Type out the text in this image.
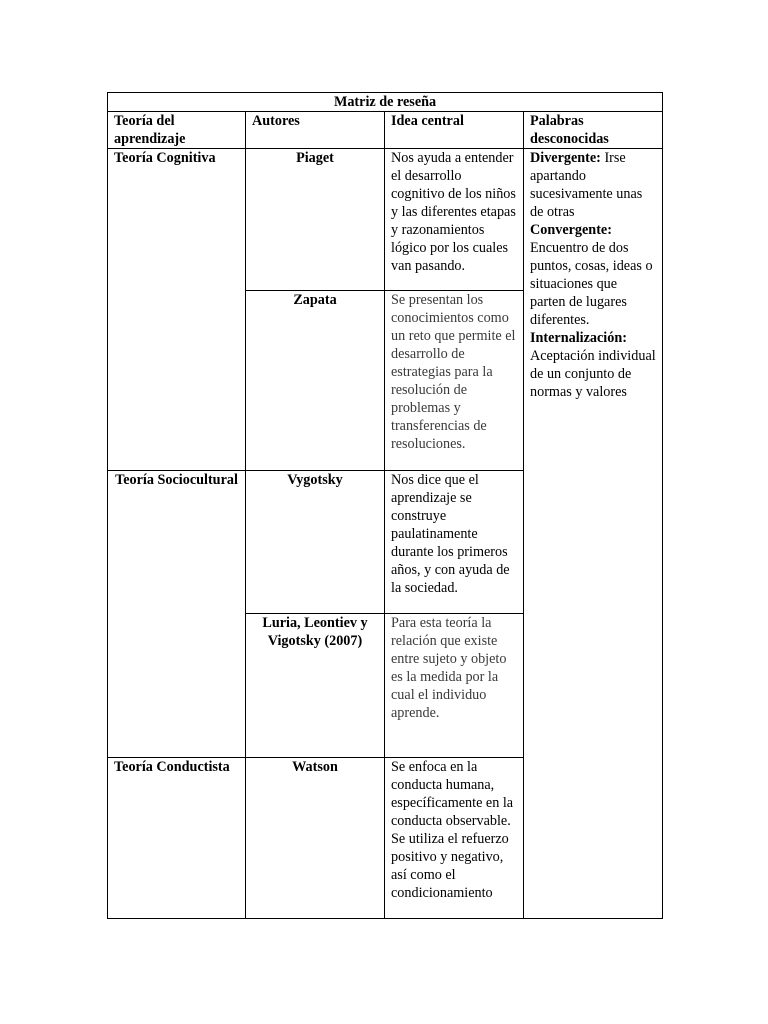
Matriz de reseña			
Teoría del aprendizaje	Autores	Idea central	Palabras desconocidas
Teoría Cognitiva	Piaget	Nos ayuda a entender el desarrollo cognitivo de los niños y las diferentes etapas y razonamientos lógico por los cuales van pasando.	Divergente: Irse apartando sucesivamente unas de otras
Convergente:
Encuentro de dos puntos, cosas, ideas o situaciones que parten de lugares diferentes.
Internalización:
Aceptación individual de un conjunto de normas y valores
	Zapata	Se presentan los conocimientos como un reto que permite el desarrollo de estrategias para la resolución de problemas y transferencias de resoluciones.	
Teoría Sociocultural	Vygotsky	Nos dice que el aprendizaje se construye paulatinamente durante los primeros años, y con ayuda de la sociedad.	
	Luria, Leontiev y Vigotsky (2007)	Para esta teoría la relación que existe entre sujeto y objeto es la medida por la cual el individuo aprende.	
Teoría Conductista	Watson	Se enfoca en la conducta humana, específicamente en la conducta observable. Se utiliza el refuerzo positivo y negativo, así como el condicionamiento	
